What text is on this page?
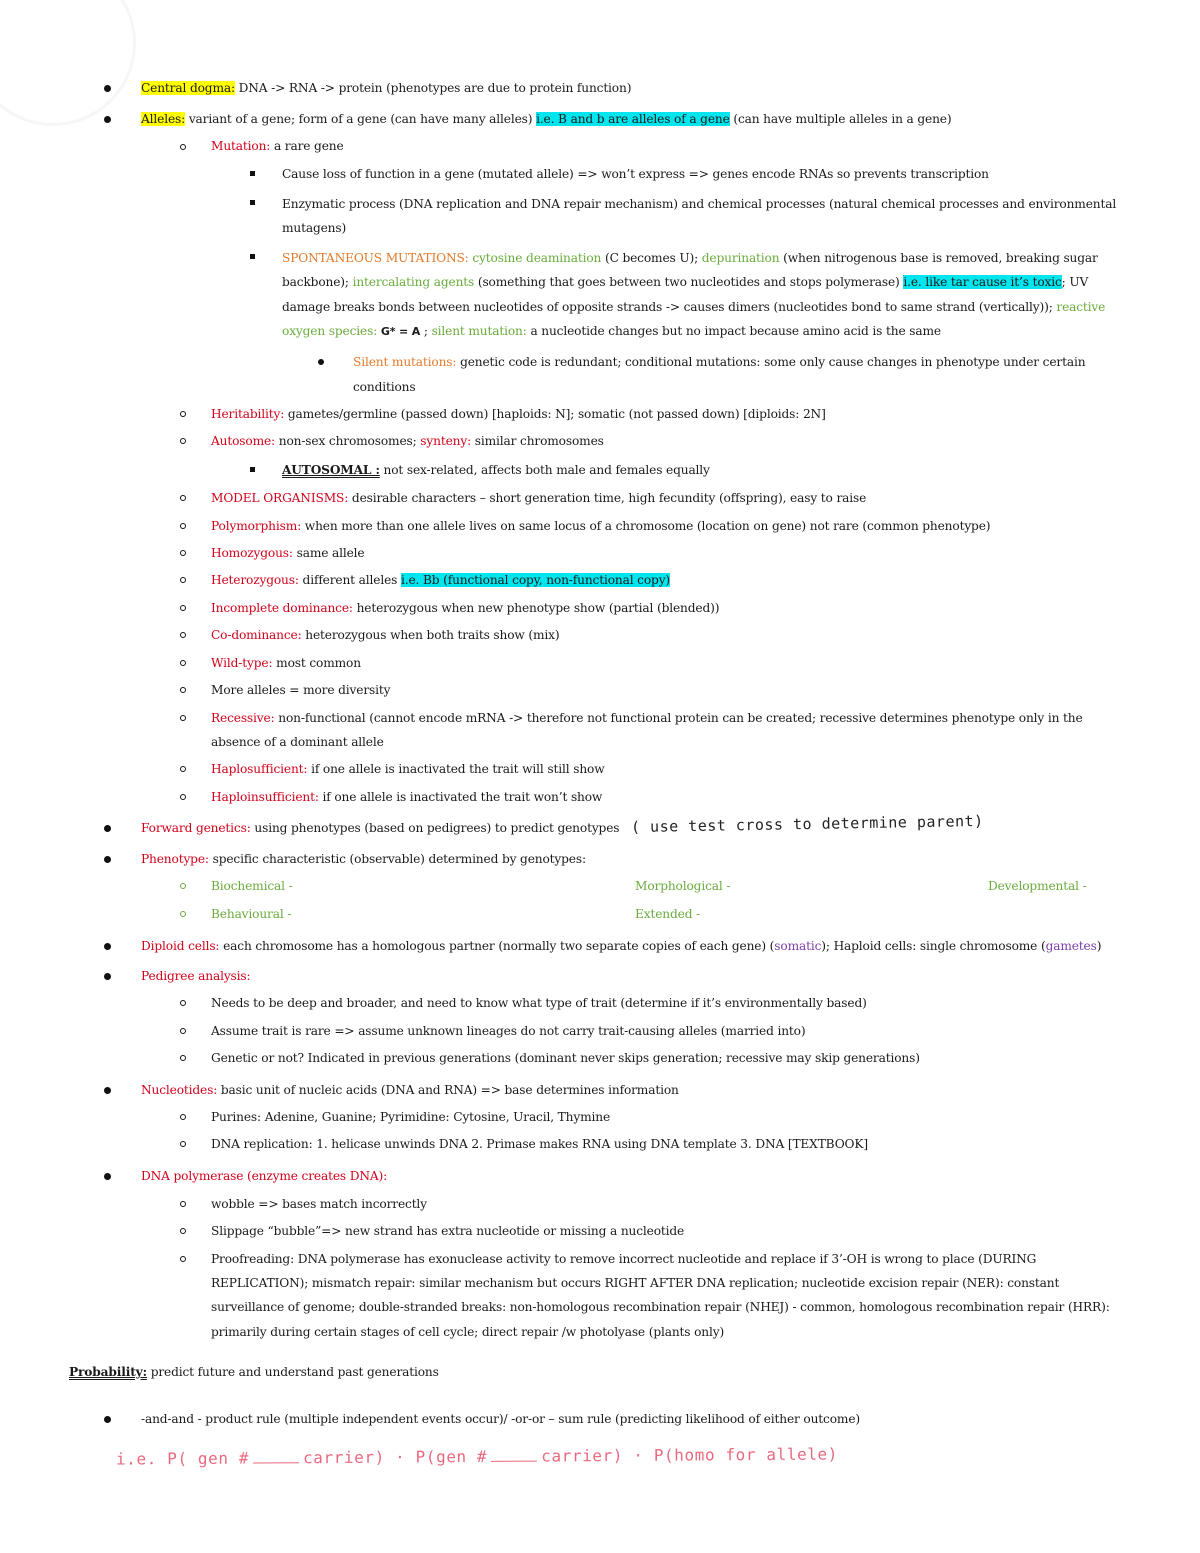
Central dogma: DNA -> RNA -> protein (phenotypes are due to protein function)
Alleles: variant of a gene; form of a gene (can have many alleles) i.e. B and b are alleles of a gene (can have multiple alleles in a gene)
Mutation: a rare gene
Cause loss of function in a gene (mutated allele) => won’t express => genes encode RNAs so prevents transcription
Enzymatic process (DNA replication and DNA repair mechanism) and chemical processes (natural chemical processes and environmental
mutagens)
SPONTANEOUS MUTATIONS: cytosine deamination (C becomes U); depurination (when nitrogenous base is removed, breaking sugar
backbone); intercalating agents (something that goes between two nucleotides and stops polymerase) i.e. like tar cause it’s toxic; UV
damage breaks bonds between nucleotides of opposite strands -> causes dimers (nucleotides bond to same strand (vertically)); reactive
oxygen species: G* = A ; silent mutation: a nucleotide changes but no impact because amino acid is the same
Silent mutations: genetic code is redundant; conditional mutations: some only cause changes in phenotype under certain
conditions
Heritability: gametes/germline (passed down) [haploids: N]; somatic (not passed down) [diploids: 2N]
Autosome: non-sex chromosomes; synteny: similar chromosomes
AUTOSOMAL : not sex-related, affects both male and females equally
MODEL ORGANISMS: desirable characters – short generation time, high fecundity (offspring), easy to raise
Polymorphism: when more than one allele lives on same locus of a chromosome (location on gene) not rare (common phenotype)
Homozygous: same allele
Heterozygous: different alleles i.e. Bb (functional copy, non-functional copy)
Incomplete dominance: heterozygous when new phenotype show (partial (blended))
Co-dominance: heterozygous when both traits show (mix)
Wild-type: most common
More alleles = more diversity
Recessive: non-functional (cannot encode mRNA -> therefore not functional protein can be created; recessive determines phenotype only in the
absence of a dominant allele
Haplosufficient: if one allele is inactivated the trait will still show
Haploinsufficient: if one allele is inactivated the trait won’t show
Forward genetics: using phenotypes (based on pedigrees) to predict genotypes ( use test cross to determine parent)
Phenotype: specific characteristic (observable) determined by genotypes:
Biochemical -	Morphological -	Developmental -
Behavioural -	Extended -
Diploid cells: each chromosome has a homologous partner (normally two separate copies of each gene) (somatic); Haploid cells: single chromosome (gametes)
Pedigree analysis:
Needs to be deep and broader, and need to know what type of trait (determine if it’s environmentally based)
Assume trait is rare => assume unknown lineages do not carry trait-causing alleles (married into)
Genetic or not? Indicated in previous generations (dominant never skips generation; recessive may skip generations)
Nucleotides: basic unit of nucleic acids (DNA and RNA) => base determines information
Purines: Adenine, Guanine; Pyrimidine: Cytosine, Uracil, Thymine
DNA replication: 1. helicase unwinds DNA 2. Primase makes RNA using DNA template 3. DNA [TEXTBOOK]
DNA polymerase (enzyme creates DNA):
wobble => bases match incorrectly
Slippage “bubble”=> new strand has extra nucleotide or missing a nucleotide
Proofreading: DNA polymerase has exonuclease activity to remove incorrect nucleotide and replace if 3’-OH is wrong to place (DURING
REPLICATION); mismatch repair: similar mechanism but occurs RIGHT AFTER DNA replication; nucleotide excision repair (NER): constant
surveillance of genome; double-stranded breaks: non-homologous recombination repair (NHEJ) - common, homologous recombination repair (HRR):
primarily during certain stages of cell cycle; direct repair /w photolyase (plants only)
Probability: predict future and understand past generations
-and-and - product rule (multiple independent events occur)/ -or-or – sum rule (predicting likelihood of either outcome)
i.e. P( gen #	carrier) · P(gen #	carrier) · P(homo for allele)
